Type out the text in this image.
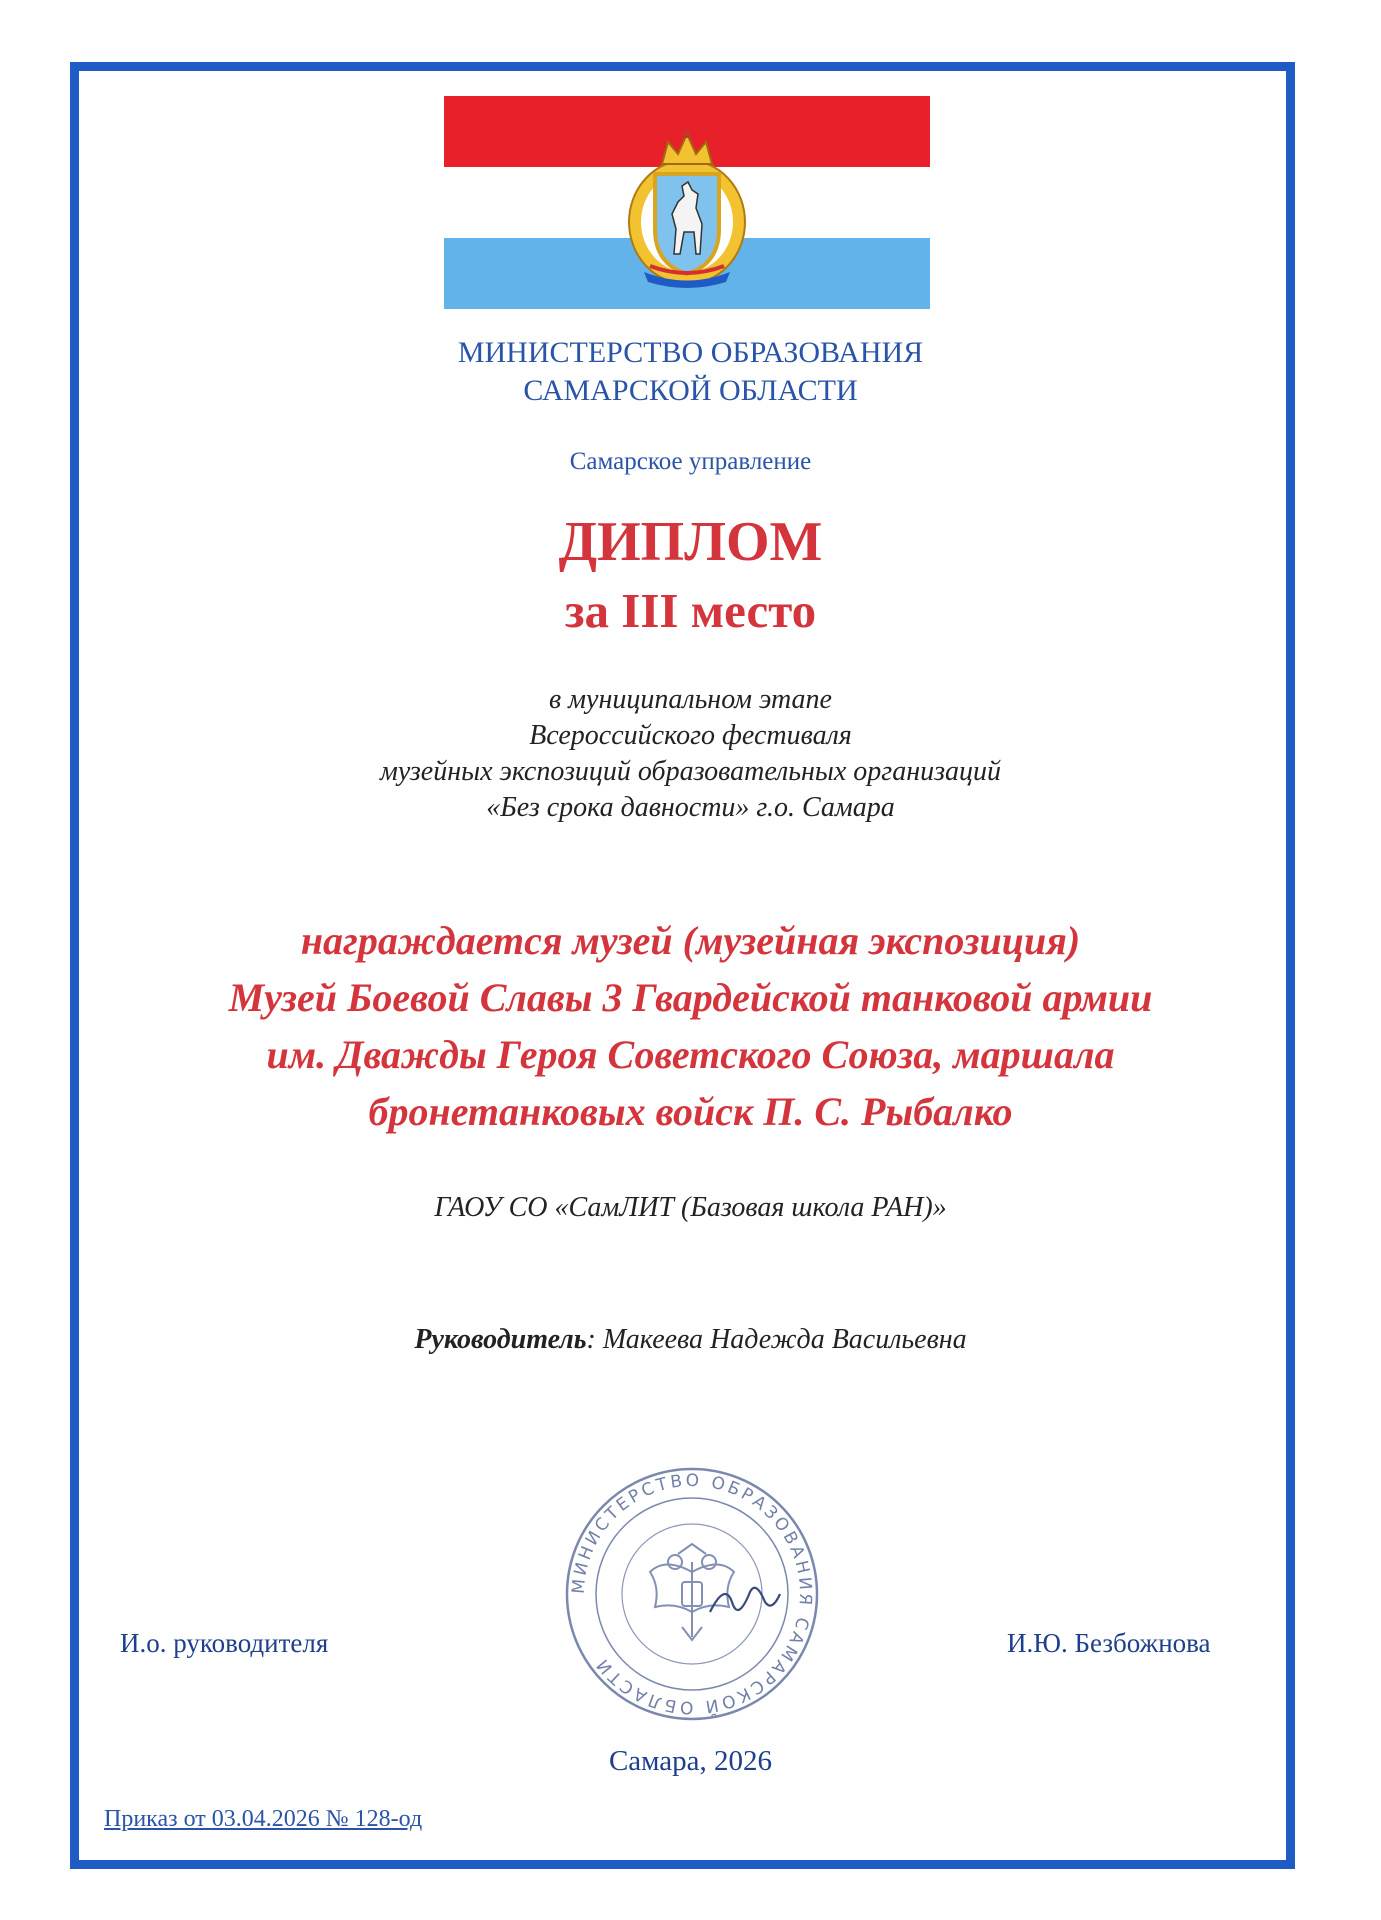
МИНИСТЕРСТВО ОБРАЗОВАНИЯ
САМАРСКОЙ ОБЛАСТИ
Самарское управление
ДИПЛОМ
за III место
в муниципальном этапе
Всероссийского фестиваля
музейных экспозиций образовательных организаций
«Без срока давности» г.о. Самара
награждается музей (музейная экспозиция)
Музей Боевой Славы 3 Гвардейской танковой армии
им. Дважды Героя Советского Союза, маршала
бронетанковых войск П. С. Рыбалко
ГАОУ СО «СамЛИТ (Базовая школа РАН)»
Руководитель: Макеева Надежда Васильевна
МИНИСТЕРСТВО ОБРАЗОВАНИЯ САМАРСКОЙ ОБЛАСТИ
И.о. руководителя	И.Ю. Безбожнова
Самара, 2026
Приказ от 03.04.2026 № 128-од
